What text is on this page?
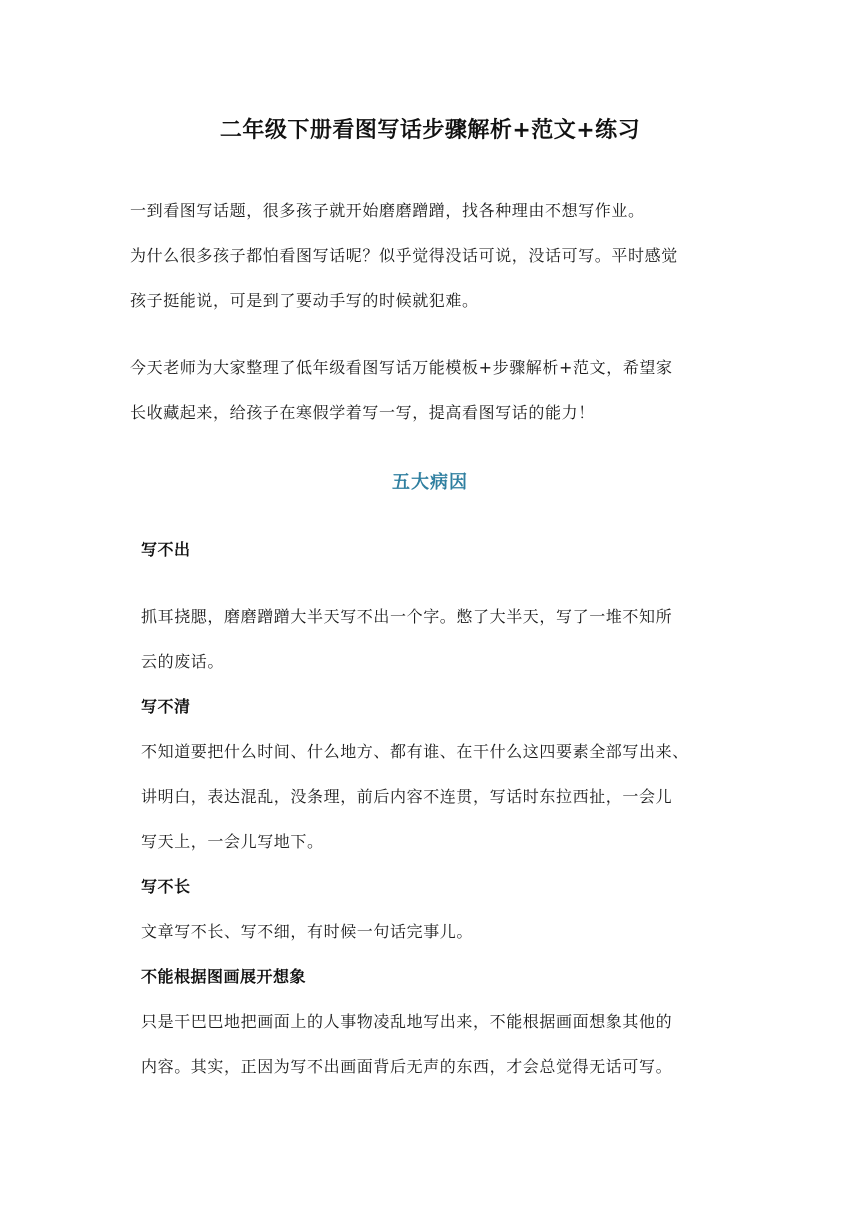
二年级下册看图写话步骤解析+范文+练习
一到看图写话题，很多孩子就开始磨磨蹭蹭，找各种理由不想写作业。
为什么很多孩子都怕看图写话呢？似乎觉得没话可说，没话可写。平时感觉
孩子挺能说，可是到了要动手写的时候就犯难。
今天老师为大家整理了低年级看图写话万能模板+步骤解析+范文，希望家
长收藏起来，给孩子在寒假学着写一写，提高看图写话的能力！
五大病因
写不出
抓耳挠腮，磨磨蹭蹭大半天写不出一个字。憋了大半天，写了一堆不知所
云的废话。
写不清
不知道要把什么时间、什么地方、都有谁、在干什么这四要素全部写出来、
讲明白，表达混乱，没条理，前后内容不连贯，写话时东拉西扯，一会儿
写天上，一会儿写地下。
写不长
文章写不长、写不细，有时候一句话完事儿。
不能根据图画展开想象
只是干巴巴地把画面上的人事物凌乱地写出来，不能根据画面想象其他的
内容。其实，正因为写不出画面背后无声的东西，才会总觉得无话可写。
